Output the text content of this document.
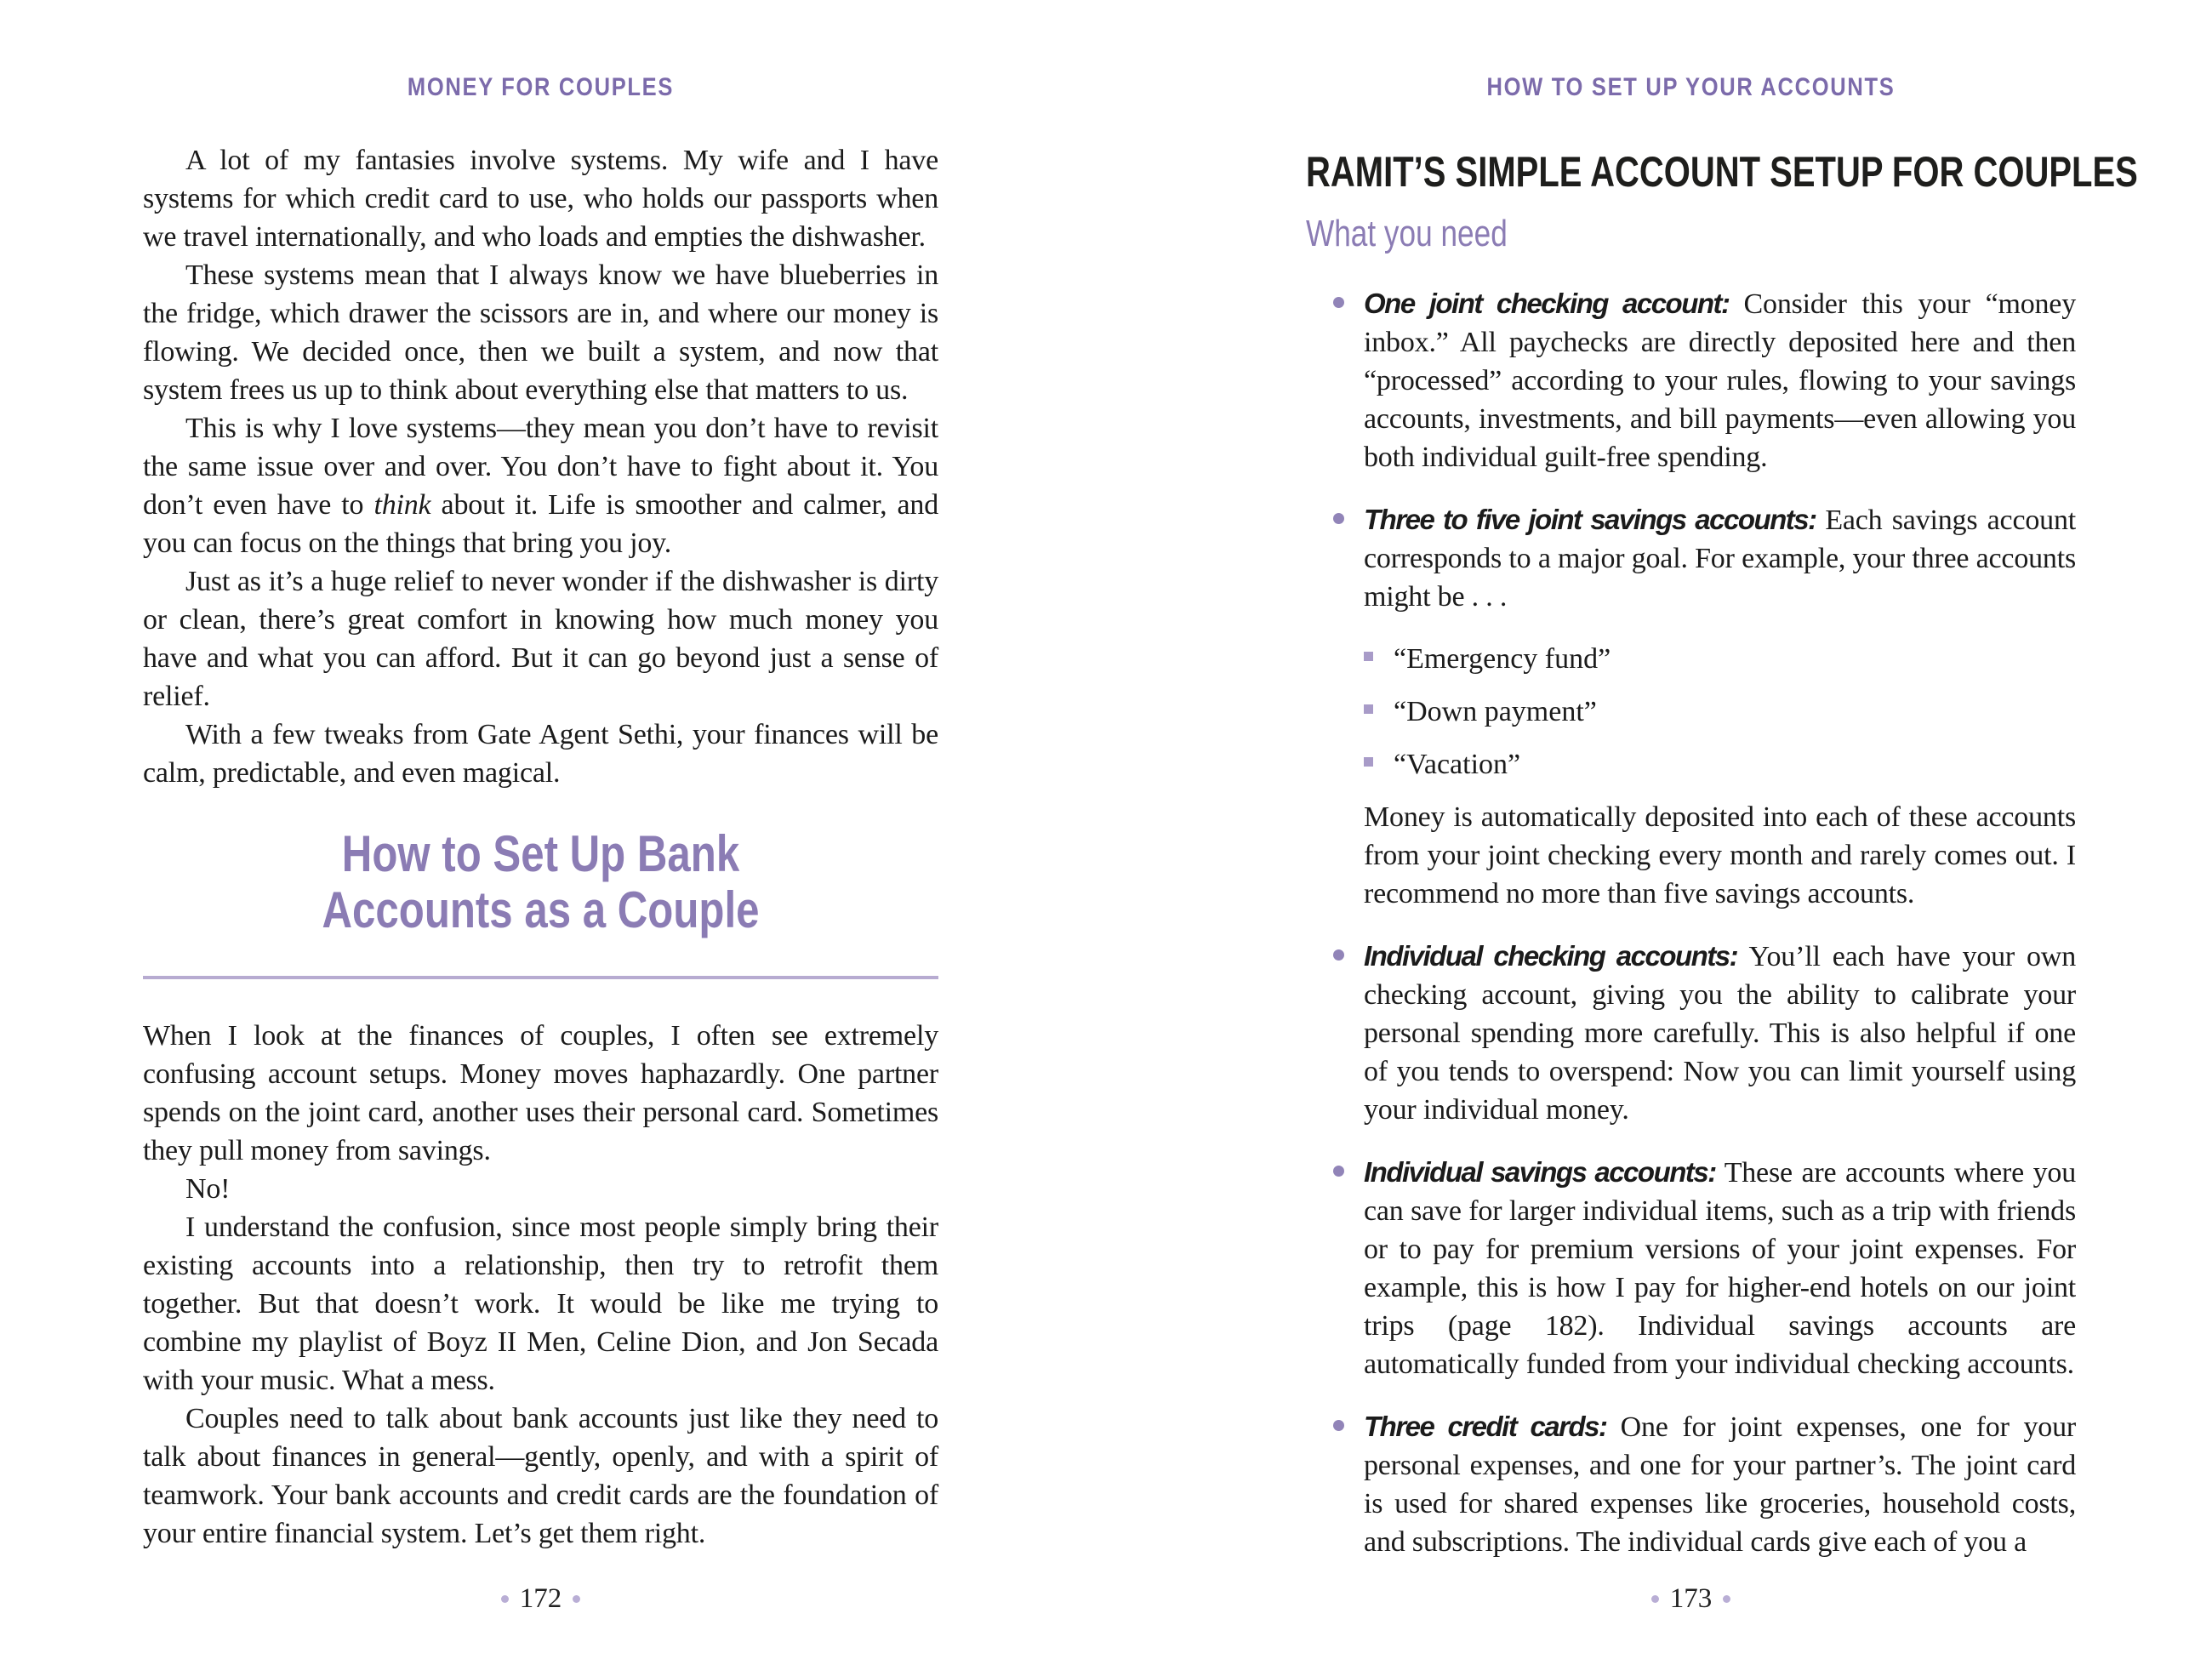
MONEY FOR COUPLES

A lot of my fantasies involve systems. My wife and I have systems for which credit card to use, who holds our passports when we travel internationally, and who loads and empties the dishwasher.

These systems mean that I always know we have blueberries in the fridge, which drawer the scissors are in, and where our money is flowing. We decided once, then we built a system, and now that system frees us up to think about everything else that matters to us.

This is why I love systems—they mean you don’t have to revisit the same issue over and over. You don’t have to fight about it. You don’t even have to think about it. Life is smoother and calmer, and you can focus on the things that bring you joy.

Just as it’s a huge relief to never wonder if the dishwasher is dirty or clean, there’s great comfort in knowing how much money you have and what you can afford. But it can go beyond just a sense of relief.

With a few tweaks from Gate Agent Sethi, your finances will be calm, predictable, and even magical.

How to Set Up Bank
Accounts as a Couple

When I look at the finances of couples, I often see extremely confusing account setups. Money moves haphazardly. One partner spends on the joint card, another uses their personal card. Sometimes they pull money from savings.

No!

I understand the confusion, since most people simply bring their existing accounts into a relationship, then try to retrofit them together. But that doesn’t work. It would be like me trying to combine my playlist of Boyz II Men, Celine Dion, and Jon Secada with your music. What a mess.

Couples need to talk about bank accounts just like they need to talk about finances in general—gently, openly, and with a spirit of teamwork. Your bank accounts and credit cards are the foundation of your entire financial system. Let’s get them right.

172
HOW TO SET UP YOUR ACCOUNTS
RAMIT’S SIMPLE ACCOUNT SETUP FOR COUPLES
What you need
One joint checking account: Consider this your “money inbox.” All paychecks are directly deposited here and then “processed” according to your rules, flowing to your savings accounts, investments, and bill payments—even allowing you both individual guilt-free spending.
Three to five joint savings accounts: Each savings account corresponds to a major goal. For example, your three accounts might be . . .
“Emergency fund”
“Down payment”
“Vacation”

Money is automatically deposited into each of these accounts from your joint checking every month and rarely comes out. I recommend no more than five savings accounts.

Individual checking accounts: You’ll each have your own checking account, giving you the ability to calibrate your personal spending more carefully. This is also helpful if one of you tends to overspend: Now you can limit yourself using your individual money.
Individual savings accounts: These are accounts where you can save for larger individual items, such as a trip with friends or to pay for premium versions of your joint expenses. For example, this is how I pay for higher-end hotels on our joint trips (page 182). Individual savings accounts are automatically funded from your individual checking accounts.
Three credit cards: One for joint expenses, one for your personal expenses, and one for your partner’s. The joint card is used for shared expenses like groceries, household costs, and subscriptions. The individual cards give each of you a
173
